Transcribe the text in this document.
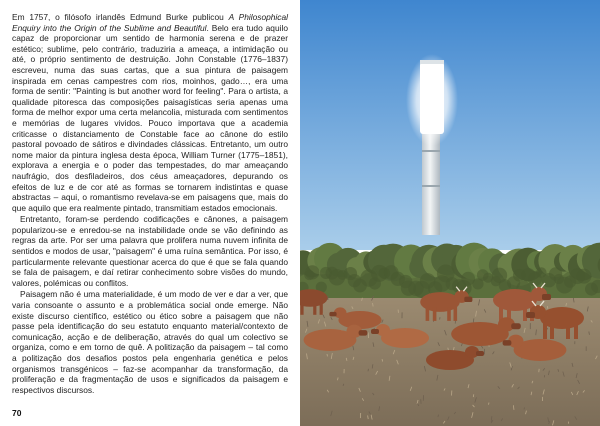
Em 1757, o filósofo irlandês Edmund Burke publicou A Philosophical Enquiry into the Origin of the Sublime and Beautiful. Belo era tudo aquilo capaz de proporcionar um sentido de harmonia serena e de prazer estético; sublime, pelo contrário, traduziria a ameaça, a intimidação ou até, o próprio sentimento de destruição. John Constable (1776–1837) escreveu, numa das suas cartas, que a sua pintura de paisagem inspirada em cenas campestres com rios, moinhos, gado…, era uma forma de sentir: "Painting is but another word for feeling". Para o artista, a qualidade pitoresca das composições paisagísticas seria apenas uma forma de melhor expor uma certa melancolia, misturada com sentimentos e memórias de lugares vividos. Pouco importava que a academia criticasse o distanciamento de Constable face ao cânone do estilo pastoral povoado de sátiros e divindades clássicas. Entretanto, um outro nome maior da pintura inglesa desta época, William Turner (1775–1851), explorava a energia e o poder das tempestades, do mar ameaçando naufrágio, dos desfiladeiros, dos céus ameaçadores, depurando os efeitos de luz e de cor até as formas se tornarem indistintas e quase abstractas – aqui, o romantismo revelava-se em paisagens que, mais do que aquilo que era realmente pintado, transmitiam estados emocionais.

Entretanto, foram-se perdendo codificações e cânones, a paisagem popularizou-se e enredou-se na instabilidade onde se vão definindo as regras da arte. Por ser uma palavra que prolifera numa nuvem infinita de sentidos e modos de usar, "paisagem" é uma ruína semântica. Por isso, é particularmente relevante questionar acerca do que é que se fala quando se fala de paisagem, e daí retirar conhecimento sobre visões do mundo, valores, polémicas ou conflitos.

Paisagem não é uma materialidade, é um modo de ver e dar a ver, que varia consoante o assunto e a problemática social onde emerge. Não existe discurso científico, estético ou ético sobre a paisagem que não passe pela identificação do seu estatuto enquanto material/contexto de comunicação, acção e de deliberação, através do qual um colectivo se organiza, como e em torno de quê. A politização da paisagem – tal como a politização dos desafios postos pela engenharia genética e pelos organismos transgénicos – faz-se acompanhar da transformação, da proliferação e da fragmentação de usos e significados da paisagem e respectivos discursos.

70
